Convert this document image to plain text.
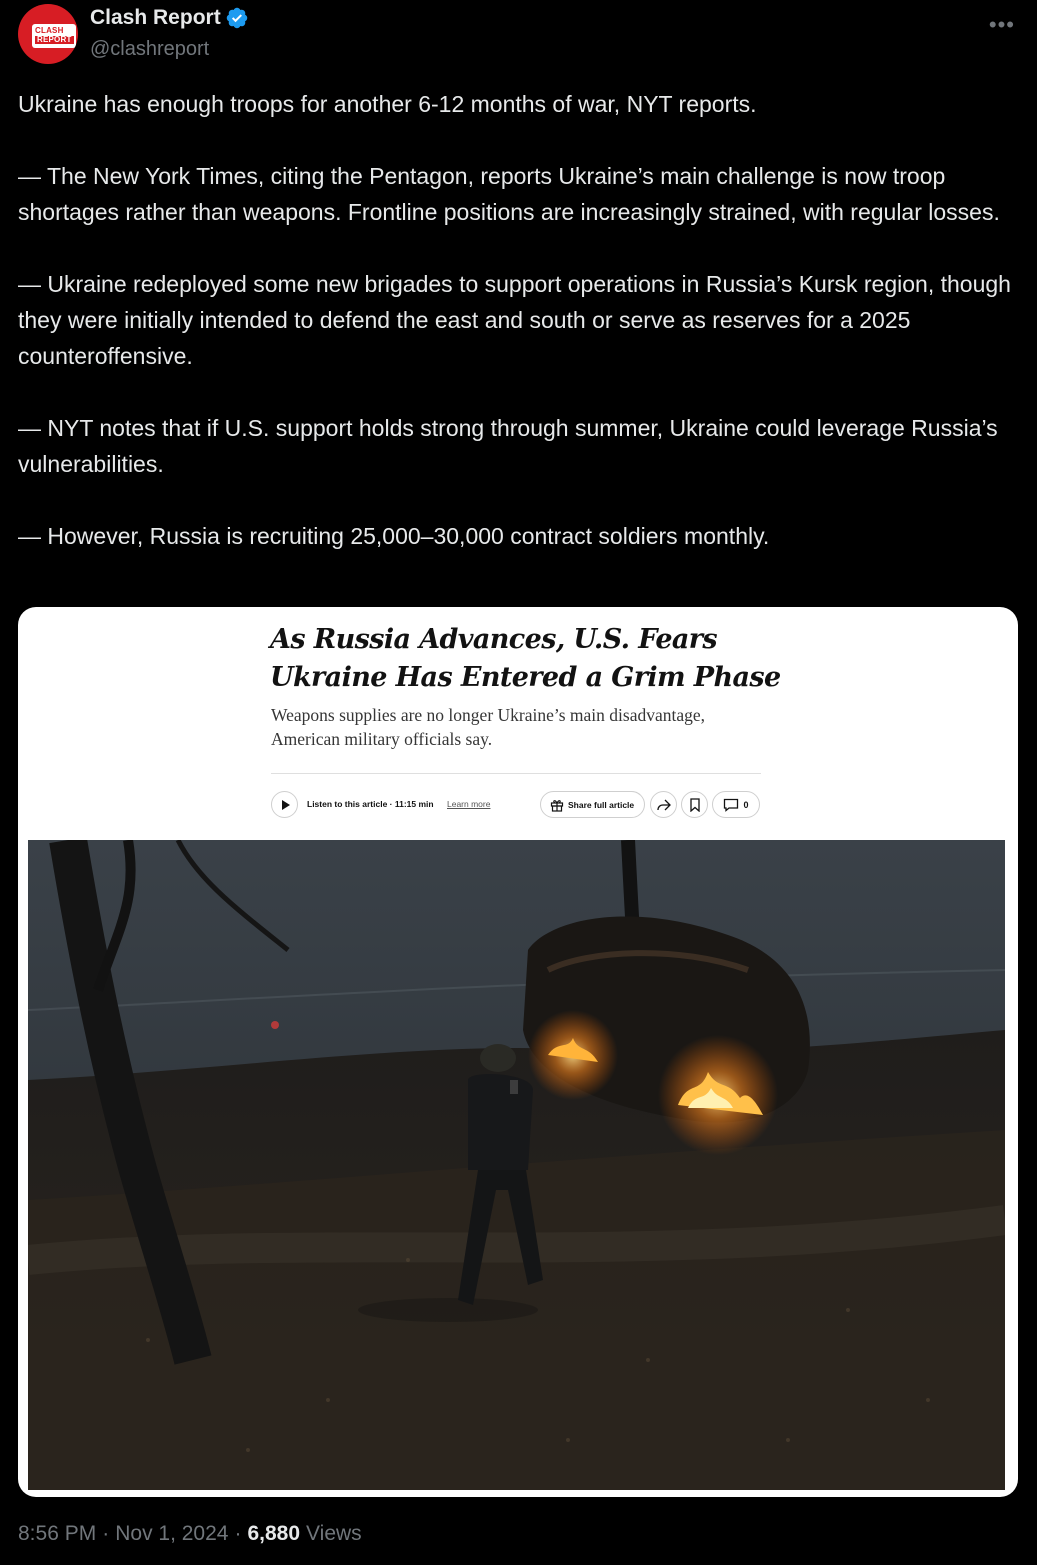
CLASH
REPORT
Clash Report
@clashreport
•••

Ukraine has enough troops for another 6-12 months of war, NYT reports.

— The New York Times, citing the Pentagon, reports Ukraine’s main challenge is now troop shortages rather than weapons. Frontline positions are increasingly strained, with regular losses.

— Ukraine redeployed some new brigades to support operations in Russia’s Kursk region, though they were initially intended to defend the east and south or serve as reserves for a 2025 counteroffensive.

— NYT notes that if U.S. support holds strong through summer, Ukraine could leverage Russia’s vulnerabilities.

— However, Russia is recruiting 25,000–30,000 contract soldiers monthly.

As Russia Advances, U.S. Fears
Ukraine Has Entered a Grim Phase
Weapons supplies are no longer Ukraine’s main disadvantage,
American military officials say.
Listen to this article · 11:15 min Learn more	Share full article	0
8:56 PM · Nov 1, 2024 · 6,880 Views
